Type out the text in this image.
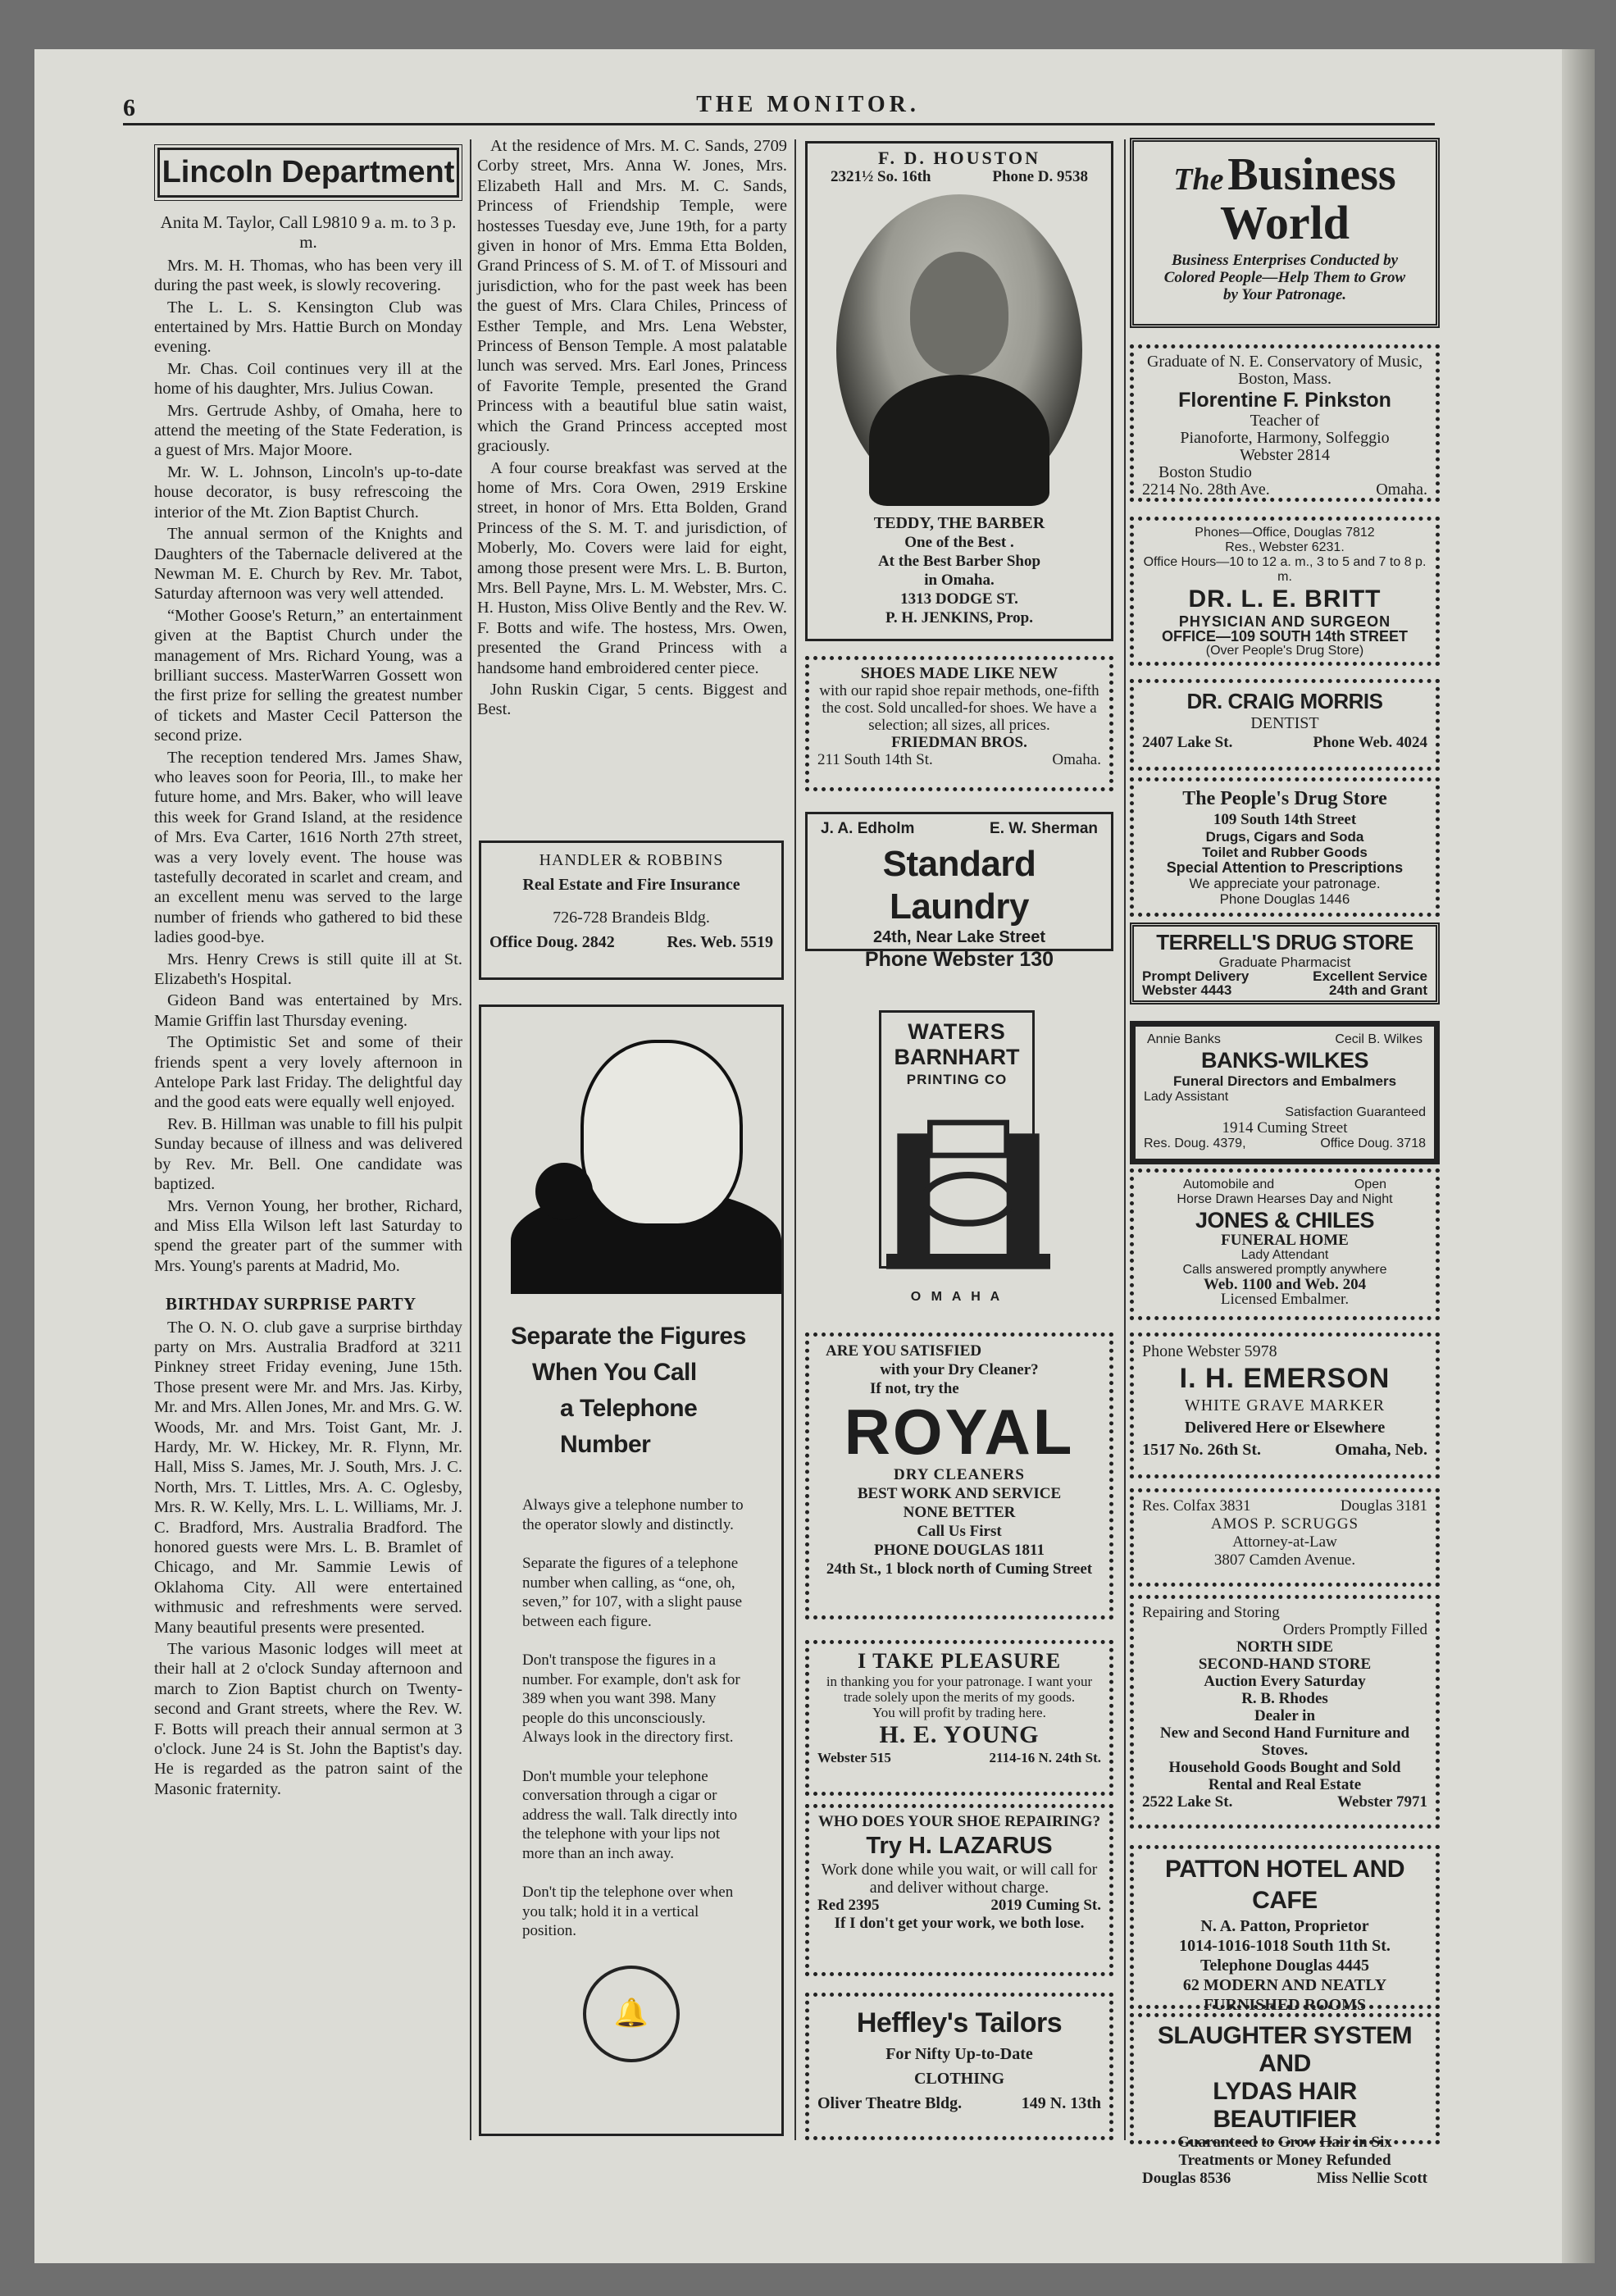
6	THE MONITOR.
Lincoln Department

Anita M. Taylor, Call L9810 9 a. m. to 3 p. m.

Mrs. M. H. Thomas, who has been very ill during the past week, is slowly recovering.

The L. L. S. Kensington Club was entertained by Mrs. Hattie Burch on Monday evening.

Mr. Chas. Coil continues very ill at the home of his daughter, Mrs. Julius Cowan.

Mrs. Gertrude Ashby, of Omaha, here to attend the meeting of the State Federation, is a guest of Mrs. Major Moore.

Mr. W. L. Johnson, Lincoln's up-to-date house decorator, is busy refrescoing the interior of the Mt. Zion Baptist Church.

The annual sermon of the Knights and Daughters of the Tabernacle delivered at the Newman M. E. Church by Rev. Mr. Tabot, Saturday afternoon was very well attended.

“Mother Goose's Return,” an entertainment given at the Baptist Church under the management of Mrs. Richard Young, was a brilliant success. MasterWarren Gossett won the first prize for selling the greatest number of tickets and Master Cecil Patterson the second prize.

The reception tendered Mrs. James Shaw, who leaves soon for Peoria, Ill., to make her future home, and Mrs. Baker, who will leave this week for Grand Island, at the residence of Mrs. Eva Carter, 1616 North 27th street, was a very lovely event. The house was tastefully decorated in scarlet and cream, and an excellent menu was served to the large number of friends who gathered to bid these ladies good-bye.

Mrs. Henry Crews is still quite ill at St. Elizabeth's Hospital.

Gideon Band was entertained by Mrs. Mamie Griffin last Thursday evening.

The Optimistic Set and some of their friends spent a very lovely afternoon in Antelope Park last Friday. The delightful day and the good eats were equally well enjoyed.

Rev. B. Hillman was unable to fill his pulpit Sunday because of illness and was delivered by Rev. Mr. Bell. One candidate was baptized.

Mrs. Vernon Young, her brother, Richard, and Miss Ella Wilson left last Saturday to spend the greater part of the summer with Mrs. Young's parents at Madrid, Mo.

BIRTHDAY SURPRISE PARTY

The O. N. O. club gave a surprise birthday party on Mrs. Australia Bradford at 3211 Pinkney street Friday evening, June 15th. Those present were Mr. and Mrs. Jas. Kirby, Mr. and Mrs. Allen Jones, Mr. and Mrs. G. W. Woods, Mr. and Mrs. Toist Gant, Mr. J. Hardy, Mr. W. Hickey, Mr. R. Flynn, Mr. Hall, Miss S. James, Mr. J. South, Mrs. J. C. North, Mrs. T. Littles, Mrs. A. C. Oglesby, Mrs. R. W. Kelly, Mrs. L. L. Williams, Mr. J. C. Bradford, Mrs. Australia Bradford. The honored guests were Mrs. L. B. Bramlet of Chicago, and Mr. Sammie Lewis of Oklahoma City. All were entertained withmusic and refreshments were served. Many beautiful presents were presented.

The various Masonic lodges will meet at their hall at 2 o'clock Sunday afternoon and march to Zion Baptist church on Twenty-second and Grant streets, where the Rev. W. F. Botts will preach their annual sermon at 3 o'clock. June 24 is St. John the Baptist's day. He is regarded as the patron saint of the Masonic fraternity.

At the residence of Mrs. M. C. Sands, 2709 Corby street, Mrs. Anna W. Jones, Mrs. Elizabeth Hall and Mrs. M. C. Sands, Princess of Friendship Temple, were hostesses Tuesday eve, June 19th, for a party given in honor of Mrs. Emma Etta Bolden, Grand Princess of S. M. of T. of Missouri and jurisdiction, who for the past week has been the guest of Mrs. Clara Chiles, Princess of Esther Temple, and Mrs. Lena Webster, Princess of Benson Temple. A most palatable lunch was served. Mrs. Earl Jones, Princess of Favorite Temple, presented the Grand Princess with a beautiful blue satin waist, which the Grand Princess accepted most graciously.

A four course breakfast was served at the home of Mrs. Cora Owen, 2919 Erskine street, in honor of Mrs. Etta Bolden, Grand Princess of the S. M. T. and jurisdiction, of Moberly, Mo. Covers were laid for eight, among those present were Mrs. L. B. Burton, Mrs. Bell Payne, Mrs. L. M. Webster, Mrs. C. H. Huston, Miss Olive Bently and the Rev. W. F. Botts and wife. The hostess, Mrs. Owen, presented the Grand Princess with a handsome hand embroidered center piece.

John Ruskin Cigar, 5 cents. Biggest and Best.

HANDLER & ROBBINS
Real Estate and Fire Insurance
726-728 Brandeis Bldg.
Office Doug. 2842	Res. Web. 5519
Separate the Figures
When You Call
a Telephone Number

Always give a telephone number to the operator slowly and distinctly.

Separate the figures of a telephone number when calling, as “one, oh, seven,” for 107, with a slight pause between each figure.

Don't transpose the figures in a number. For example, don't ask for 389 when you want 398. Many people do this unconsciously. Always look in the directory first.

Don't mumble your telephone conversation through a cigar or address the wall. Talk directly into the telephone with your lips not more than an inch away.

Don't tip the telephone over when you talk; hold it in a vertical position.

🔔
F. D. HOUSTON
2321½ So. 16th	Phone D. 9538
TEDDY, THE BARBER
One of the Best .
At the Best Barber Shop
in Omaha.
1313 DODGE ST.
P. H. JENKINS, Prop.
SHOES MADE LIKE NEW
with our rapid shoe repair methods, one-fifth the cost. Sold uncalled-for shoes. We have a selection; all sizes, all prices.
FRIEDMAN BROS.
211 South 14th St.	Omaha.
J. A. Edholm	E. W. Sherman
Standard Laundry
24th, Near Lake Street
Phone Webster 130
WATERS
BARNHART
PRINTING CO
O M A H A
ARE YOU SATISFIED
with your Dry Cleaner?
If not, try the
ROYAL
DRY CLEANERS
BEST WORK AND SERVICE
NONE BETTER
Call Us First
PHONE DOUGLAS 1811
24th St., 1 block north of Cuming Street
I TAKE PLEASURE
in thanking you for your patronage. I want your trade solely upon the merits of my goods.
You will profit by trading here.
H. E. YOUNG
Webster 515	2114-16 N. 24th St.
WHO DOES YOUR SHOE REPAIRING?
Try H. LAZARUS
Work done while you wait, or will call for and deliver without charge.
Red 2395	2019 Cuming St.
If I don't get your work, we both lose.
Heffley's Tailors
For Nifty Up-to-Date
CLOTHING
Oliver Theatre Bldg.	149 N. 13th
The Business
World
Business Enterprises Conducted by Colored People—Help Them to Grow by Your Patronage.
Graduate of N. E. Conservatory of Music, Boston, Mass.
Florentine F. Pinkston
Teacher of
Pianoforte, Harmony, Solfeggio
Webster 2814
Boston Studio
2214 No. 28th Ave.	Omaha.
Phones—Office, Douglas 7812
Res., Webster 6231.
Office Hours—10 to 12 a. m., 3 to 5 and 7 to 8 p. m.
DR. L. E. BRITT
PHYSICIAN AND SURGEON
OFFICE—109 SOUTH 14th STREET
(Over People's Drug Store)
DR. CRAIG MORRIS
DENTIST
2407 Lake St.	Phone Web. 4024
The People's Drug Store
109 South 14th Street
Drugs, Cigars and Soda
Toilet and Rubber Goods
Special Attention to Prescriptions
We appreciate your patronage.
Phone Douglas 1446
TERRELL'S DRUG STORE
Graduate Pharmacist
Prompt Delivery	Excellent Service
Webster 4443	24th and Grant
Annie Banks	Cecil B. Wilkes
BANKS-WILKES
Funeral Directors and Embalmers
Lady Assistant
Satisfaction Guaranteed
1914 Cuming Street
Res. Doug. 4379,	Office Doug. 3718
Automobile and	Open
Horse Drawn Hearses Day and Night
JONES & CHILES
FUNERAL HOME
Lady Attendant
Calls answered promptly anywhere
Web. 1100 and Web. 204
Licensed Embalmer.
Phone Webster 5978
I. H. EMERSON
WHITE GRAVE MARKER
Delivered Here or Elsewhere
1517 No. 26th St.	Omaha, Neb.
Res. Colfax 3831	Douglas 3181
AMOS P. SCRUGGS
Attorney-at-Law
3807 Camden Avenue.
Repairing and Storing
Orders Promptly Filled
NORTH SIDE
SECOND-HAND STORE
Auction Every Saturday
R. B. Rhodes
Dealer in
New and Second Hand Furniture and Stoves.
Household Goods Bought and Sold
Rental and Real Estate
2522 Lake St.	Webster 7971
PATTON HOTEL AND CAFE
N. A. Patton, Proprietor
1014-1016-1018 South 11th St.
Telephone Douglas 4445
62 MODERN AND NEATLY
FURNISHED ROOMS
SLAUGHTER SYSTEM AND
LYDAS HAIR BEAUTIFIER
Guaranteed to Grow Hair in Six
Treatments or Money Refunded
Douglas 8536	Miss Nellie Scott
